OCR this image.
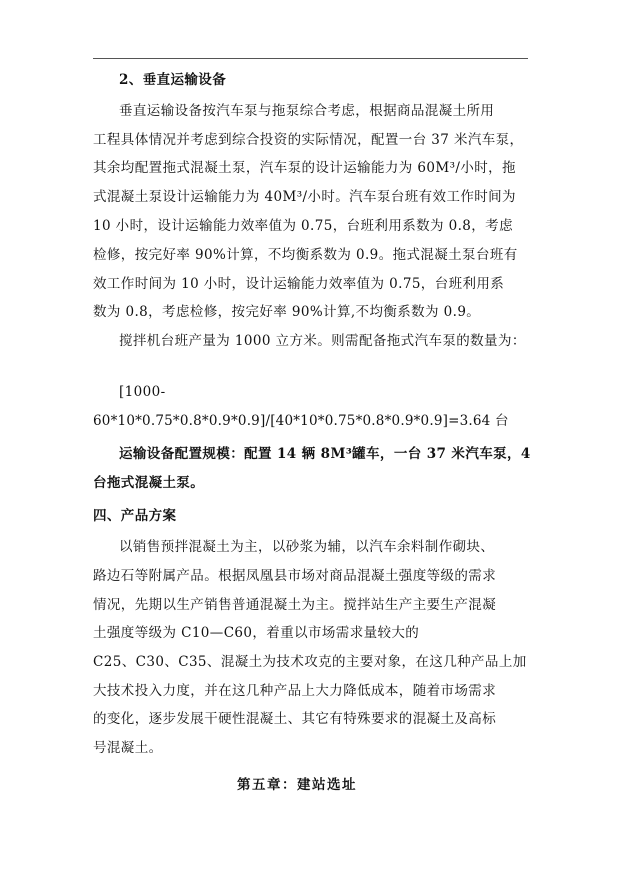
2、垂直运输设备
垂直运输设备按汽车泵与拖泵综合考虑，根据商品混凝土所用
工程具体情况并考虑到综合投资的实际情况，配置一台 37 米汽车泵，
其余均配置拖式混凝土泵，汽车泵的设计运输能力为 60M³/小时，拖
式混凝土泵设计运输能力为 40M³/小时。汽车泵台班有效工作时间为
10 小时，设计运输能力效率值为 0.75，台班利用系数为 0.8，考虑
检修，按完好率 90%计算，不均衡系数为 0.9。拖式混凝土泵台班有
效工作时间为 10 小时，设计运输能力效率值为 0.75，台班利用系
数为 0.8，考虑检修，按完好率 90%计算,不均衡系数为 0.9。
搅拌机台班产量为 1000 立方米。则需配备拖式汽车泵的数量为：
[1000-
60*10*0.75*0.8*0.9*0.9]/[40*10*0.75*0.8*0.9*0.9]=3.64 台
运输设备配置规模：配置 14 辆 8M³罐车，一台 37 米汽车泵，4
台拖式混凝土泵。
四、产品方案
以销售预拌混凝土为主，以砂浆为辅，以汽车余料制作砌块、
路边石等附属产品。根据凤凰县市场对商品混凝土强度等级的需求
情况，先期以生产销售普通混凝土为主。搅拌站生产主要生产混凝
土强度等级为 C10—C60，着重以市场需求量较大的
C25、C30、C35、混凝土为技术攻克的主要对象，在这几种产品上加
大技术投入力度，并在这几种产品上大力降低成本，随着市场需求
的变化，逐步发展干硬性混凝土、其它有特殊要求的混凝土及高标
号混凝土。
第五章：建站选址
